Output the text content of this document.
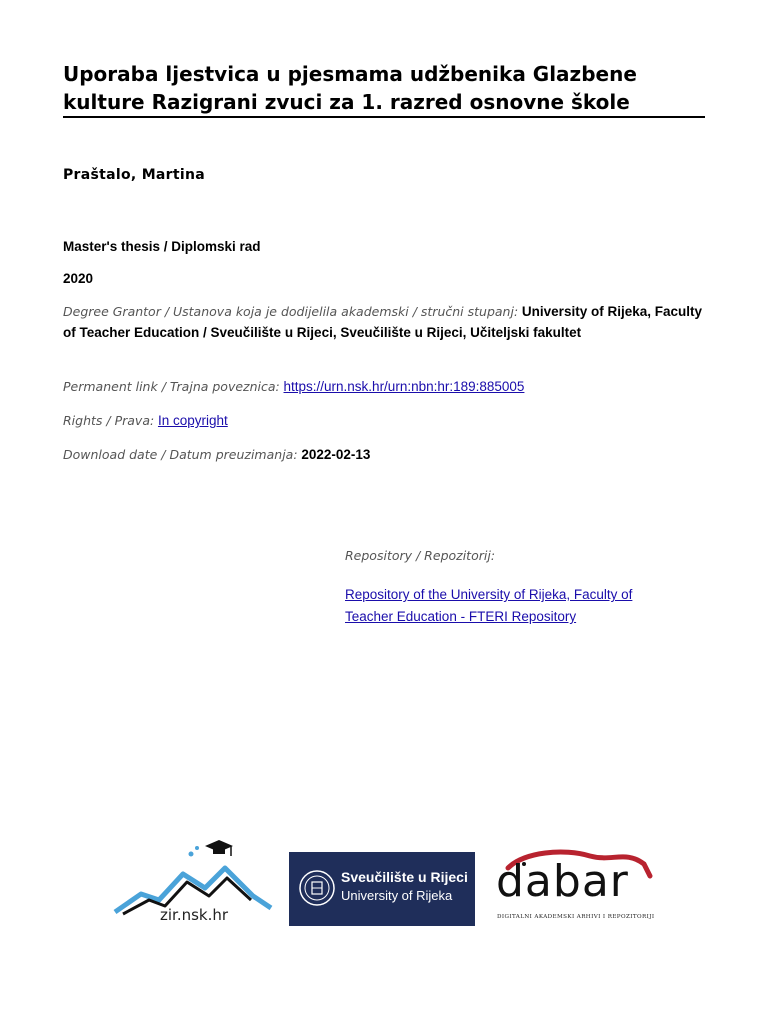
Uporaba ljestvica u pjesmama udžbenika Glazbene kulture Razigrani zvuci za 1. razred osnovne škole
Praštalo, Martina
Master's thesis / Diplomski rad
2020
Degree Grantor / Ustanova koja je dodijelila akademski / stručni stupanj: University of Rijeka, Faculty of Teacher Education / Sveučilište u Rijeci, Sveučilište u Rijeci, Učiteljski fakultet
Permanent link / Trajna poveznica: https://urn.nsk.hr/urn:nbn:hr:189:885005
Rights / Prava: In copyright
Download date / Datum preuzimanja: 2022-02-13
Repository / Repozitorij:
Repository of the University of Rijeka, Faculty of Teacher Education - FTERI Repository
zir.nsk.hr
Sveučilište u Rijeci
University of Rijeka dabar
DIGITALNI AKADEMSKI ARHIVI I REPOZITORIJI
